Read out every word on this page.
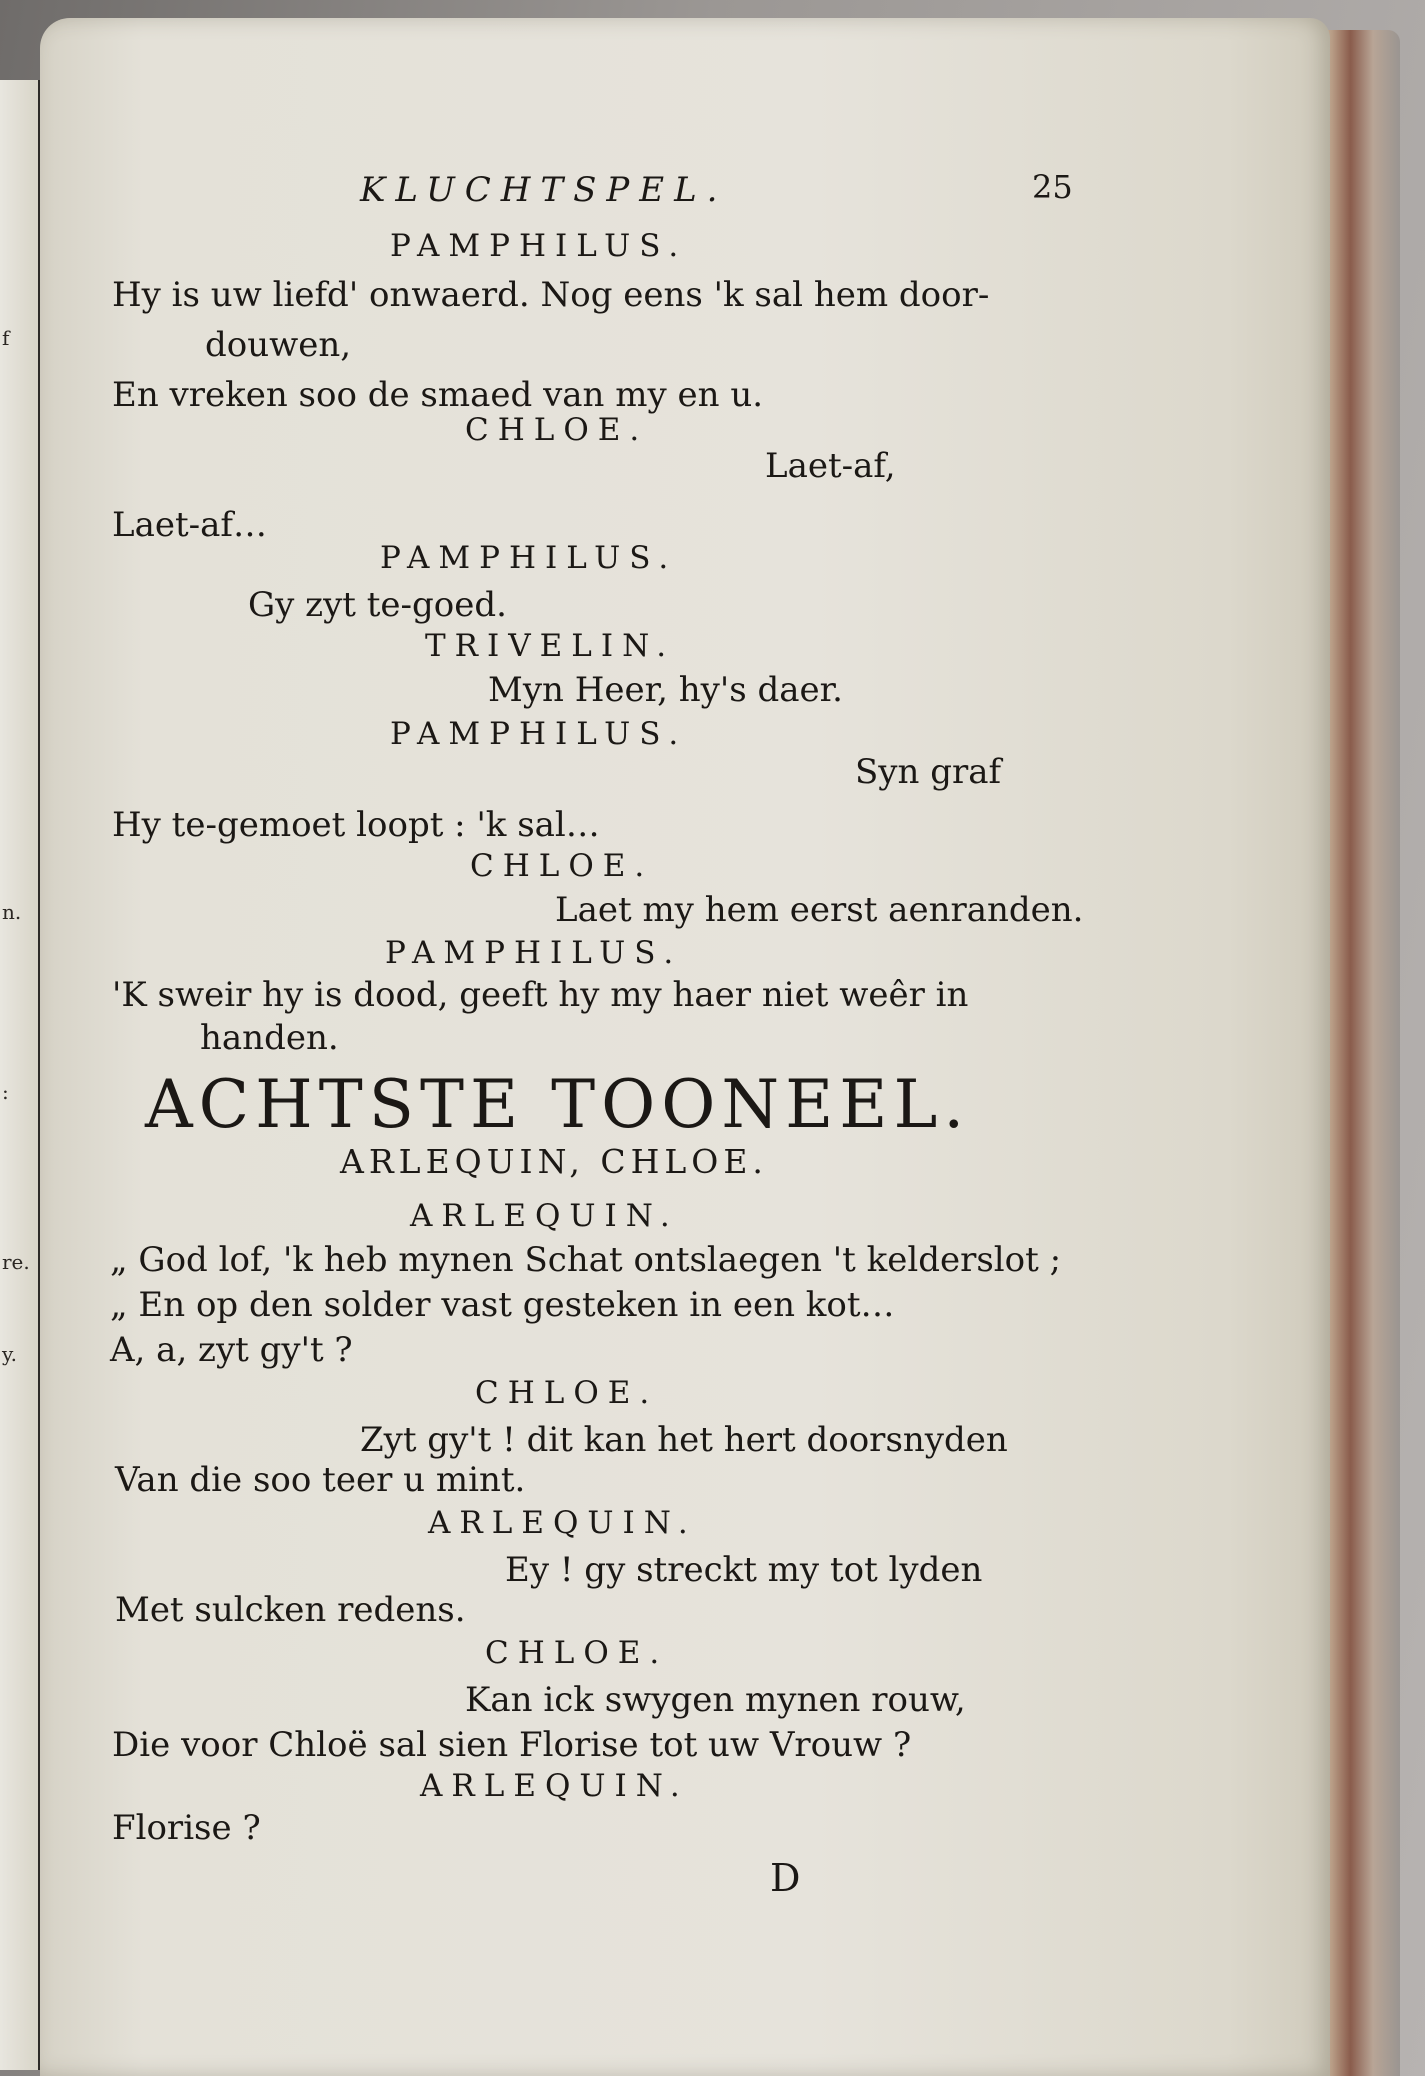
f
n.
:
re.
y.
KLUCHTSPEL.	25
PAMPHILUS.
Hy is uw liefd' onwaerd. Nog eens 'k sal hem door-
douwen,
En vreken soo de smaed van my en u.
CHLOE.
Laet-af,
Laet-af…
PAMPHILUS.
Gy zyt te-goed.
TRIVELIN.
Myn Heer, hy's daer.
PAMPHILUS.
Syn graf
Hy te-gemoet loopt : 'k sal…
CHLOE.
Laet my hem eerst aenranden.
PAMPHILUS.
'K sweir hy is dood, geeft hy my haer niet weêr in
handen.
ACHTSTE TOONEEL.
ARLEQUIN, CHLOE.
ARLEQUIN.
„ God lof, 'k heb mynen Schat ontslaegen 't kelderslot ;
„ En op den solder vast gesteken in een kot…
A, a, zyt gy't ?
CHLOE.
Zyt gy't ! dit kan het hert doorsnyden
Van die soo teer u mint.
ARLEQUIN.
Ey ! gy streckt my tot lyden
Met sulcken redens.
CHLOE.
Kan ick swygen mynen rouw,
Die voor Chloë sal sien Florise tot uw Vrouw ?
ARLEQUIN.
Florise ?
D
